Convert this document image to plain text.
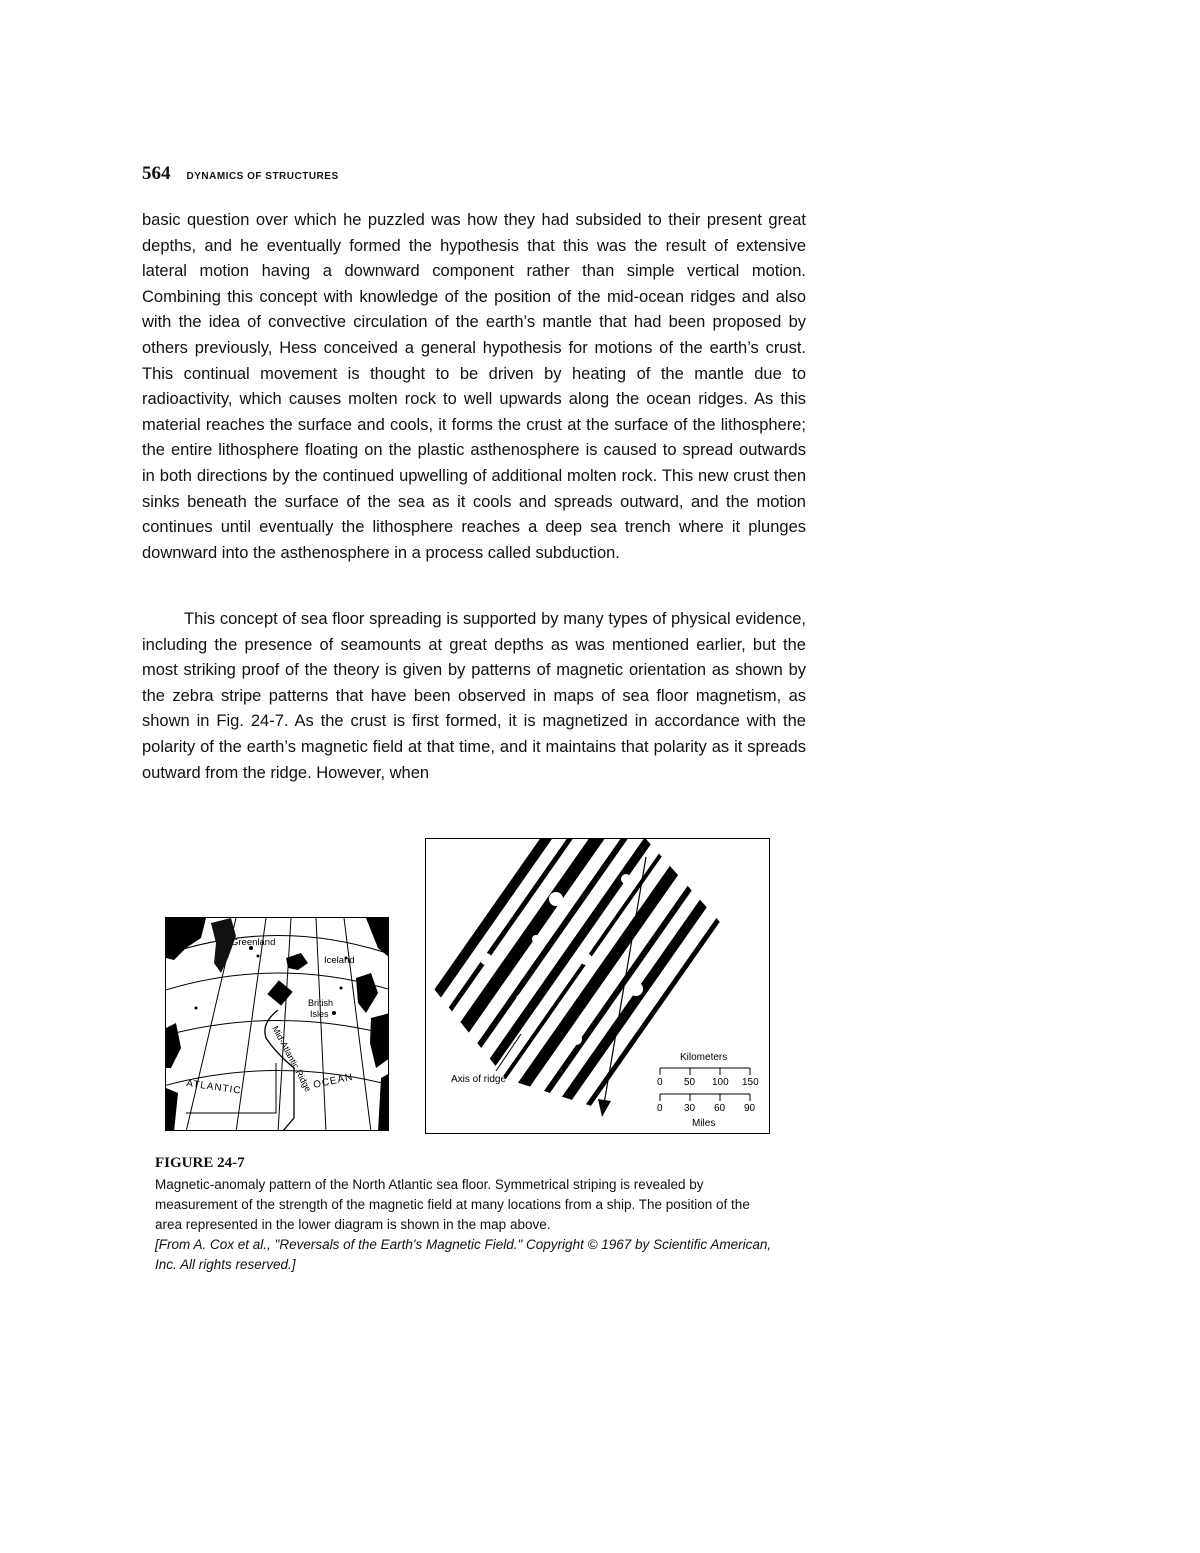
564 DYNAMICS OF STRUCTURES

basic question over which he puzzled was how they had subsided to their present great depths, and he eventually formed the hypothesis that this was the result of extensive lateral motion having a downward component rather than simple vertical motion. Combining this concept with knowledge of the position of the mid-ocean ridges and also with the idea of convective circulation of the earth’s mantle that had been proposed by others previously, Hess conceived a general hypothesis for motions of the earth’s crust. This continual movement is thought to be driven by heating of the mantle due to radioactivity, which causes molten rock to well upwards along the ocean ridges. As this material reaches the surface and cools, it forms the crust at the surface of the lithosphere; the entire lithosphere floating on the plastic asthenosphere is caused to spread outwards in both directions by the continued upwelling of additional molten rock. This new crust then sinks beneath the surface of the sea as it cools and spreads outward, and the motion continues until eventually the lithosphere reaches a deep sea trench where it plunges downward into the asthenosphere in a process called subduction.

This concept of sea floor spreading is supported by many types of physical evidence, including the presence of seamounts at great depths as was mentioned earlier, but the most striking proof of the theory is given by patterns of magnetic orientation as shown by the zebra stripe patterns that have been observed in maps of sea floor magnetism, as shown in Fig. 24-7. As the crust is first formed, it is magnetized in accordance with the polarity of the earth’s magnetic field at that time, and it maintains that polarity as it spreads outward from the ridge. However, when

Greenland
Iceland
British
Isles
Mid-Atlantic Ridge
ATLANTIC	OCEAN	Axis of ridge
Kilometers
0 50 100 150
0 30 60 90
Miles

FIGURE 24-7

Magnetic-anomaly pattern of the North Atlantic sea floor. Symmetrical striping is revealed by measurement of the strength of the magnetic field at many locations from a ship. The position of the area represented in the lower diagram is shown in the map above.

[From A. Cox et al., "Reversals of the Earth's Magnetic Field." Copyright © 1967 by Scientific American, Inc. All rights reserved.]
